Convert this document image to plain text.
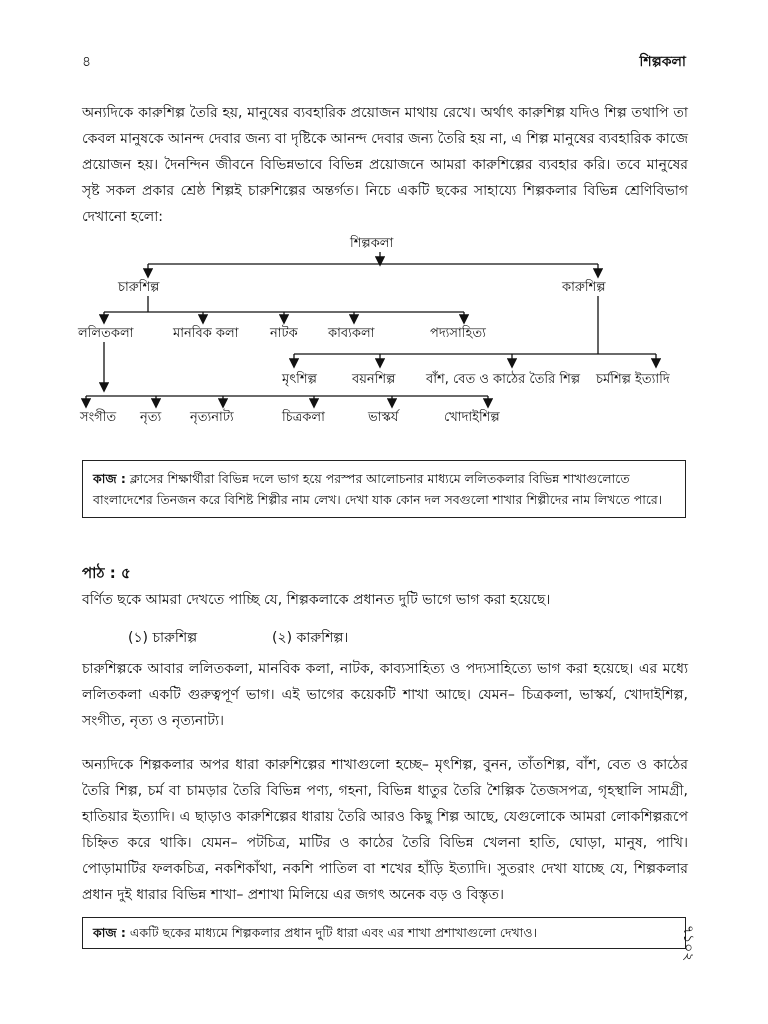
৪	শিল্পকলা
অন্যদিকে কারুশিল্প তৈরি হয়, মানুষের ব্যবহারিক প্রয়োজন মাথায় রেখে। অর্থাৎ কারুশিল্প যদিও শিল্প তথাপি তা কেবল মানুষকে আনন্দ দেবার জন্য বা দৃষ্টিকে আনন্দ দেবার জন্য তৈরি হয় না, এ শিল্প মানুষের ব্যবহারিক কাজে প্রয়োজন হয়। দৈনন্দিন জীবনে বিভিন্নভাবে বিভিন্ন প্রয়োজনে আমরা কারুশিল্পের ব্যবহার করি। তবে মানুষের সৃষ্ট সকল প্রকার শ্রেষ্ঠ শিল্পই চারুশিল্পের অন্তর্গত। নিচে একটি ছকের সাহায্যে শিল্পকলার বিভিন্ন শ্রেণিবিভাগ দেখানো হলো:
শিল্পকলা
চারুশিল্প	কারুশিল্প
ললিতকলা	মানবিক কলা নাটক কাব্যকলা	পদ্যসাহিত্য
মৃৎশিল্প	বয়নশিল্প বাঁশ, বেত ও কাঠের তৈরি শিল্প চর্মশিল্প ইত্যাদি
সংগীত নৃত্য নৃত্যনাট্য	চিত্রকলা	ভাস্কর্য	খোদাইশিল্প
কাজ : ক্লাসের শিক্ষার্থীরা বিভিন্ন দলে ভাগ হয়ে পরস্পর আলোচনার মাধ্যমে ললিতকলার বিভিন্ন শাখাগুলোতে বাংলাদেশের তিনজন করে বিশিষ্ট শিল্পীর নাম লেখ। দেখা যাক কোন দল সবগুলো শাখার শিল্পীদের নাম লিখতে পারে।
পাঠ : ৫
বর্ণিত ছকে আমরা দেখতে পাচ্ছি যে, শিল্পকলাকে প্রধানত দুটি ভাগে ভাগ করা হয়েছে।
(১) চারুশিল্প	(২) কারুশিল্প।
চারুশিল্পকে আবার ললিতকলা, মানবিক কলা, নাটক, কাব্যসাহিত্য ও পদ্যসাহিত্যে ভাগ করা হয়েছে। এর মধ্যে ললিতকলা একটি গুরুত্বপূর্ণ ভাগ। এই ভাগের কয়েকটি শাখা আছে। যেমন– চিত্রকলা, ভাস্কর্য, খোদাইশিল্প, সংগীত, নৃত্য ও নৃত্যনাট্য।
অন্যদিকে শিল্পকলার অপর ধারা কারুশিল্পের শাখাগুলো হচ্ছে– মৃৎশিল্প, বুনন, তাঁতশিল্প, বাঁশ, বেত ও কাঠের তৈরি শিল্প, চর্ম বা চামড়ার তৈরি বিভিন্ন পণ্য, গহনা, বিভিন্ন ধাতুর তৈরি শৈল্পিক তৈজসপত্র, গৃহস্থালি সামগ্রী, হাতিয়ার ইত্যাদি। এ ছাড়াও কারুশিল্পের ধারায় তৈরি আরও কিছু শিল্প আছে, যেগুলোকে আমরা লোকশিল্পরূপে চিহ্নিত করে থাকি। যেমন– পটচিত্র, মাটির ও কাঠের তৈরি বিভিন্ন খেলনা হাতি, ঘোড়া, মানুষ, পাখি। পোড়ামাটির ফলকচিত্র, নকশিকাঁথা, নকশি পাতিল বা শখের হাঁড়ি ইত্যাদি। সুতরাং দেখা যাচ্ছে যে, শিল্পকলার প্রধান দুই ধারার বিভিন্ন শাখা– প্রশাখা মিলিয়ে এর জগৎ অনেক বড় ও বিস্তৃত।
কাজ : একটি ছকের মাধ্যমে শিল্পকলার প্রধান দুটি ধারা এবং এর শাখা প্রশাখাগুলো দেখাও।	৭১০২
